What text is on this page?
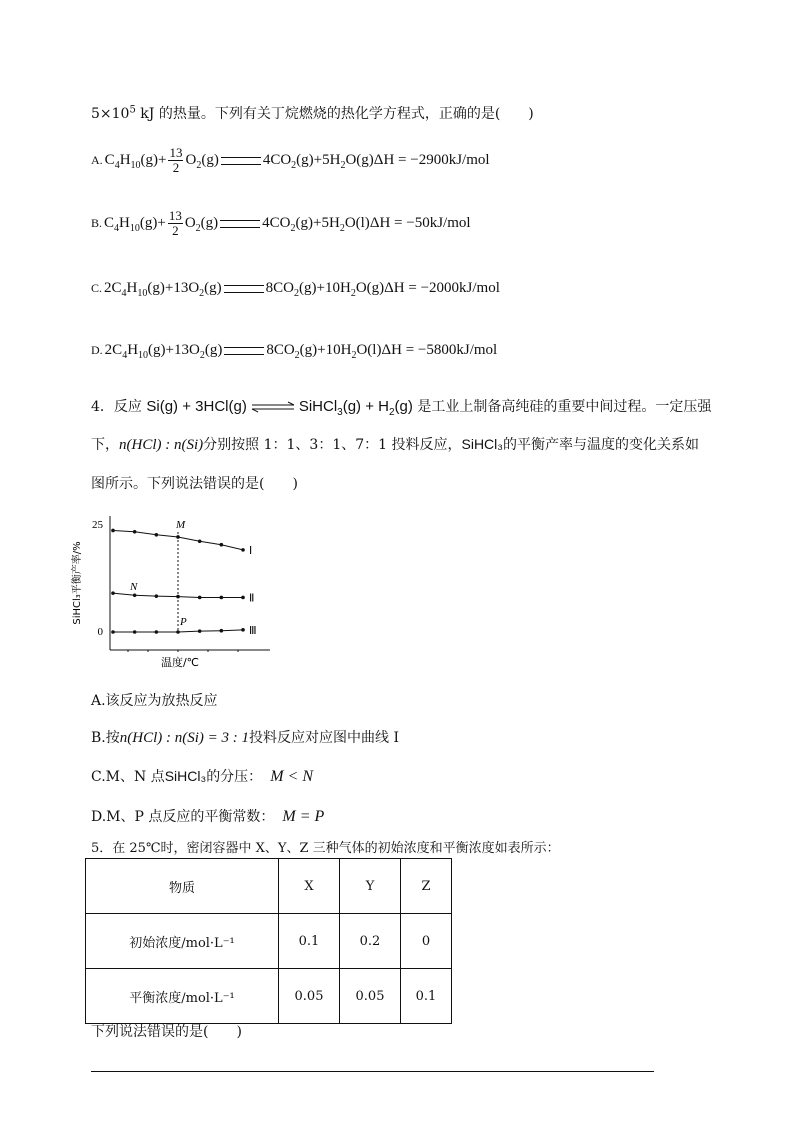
$5\times 10^5$ kJ 的热量。下列有关丁烷燃烧的热化学方程式，正确的是(　　)
A. $C_4H_{10}(g)+ \frac{13}{2} O_2(g)$	$4CO_2(g)+5H_2O(g)\Delta H = -2900kJ/mol$
B. $C_4H_{10}(g)+ \frac{13}{2} O_2(g)$	$4CO_2(g)+5H_2O(l)\Delta H = -50kJ/mol$
C. $2C_4H_{10}(g)+13O_2(g)$	$8CO_2(g)+10H_2O(g)\Delta H = -2000kJ/mol$
D. $2C_4H_{10}(g)+13O_2(g)$	$8CO_2(g)+10H_2O(l)\Delta H = -5800kJ/mol$
4．反应 Si(g) + 3HCl(g)	SiHCl$_3$(g) + $H_2(g)$ 是工业上制备高纯硅的重要中间过程。一定压强
下，n(HCl) : n(Si)分别按照 1：1、3：1、7：1 投料反应，SiHCl₃的平衡产率与温度的变化关系如
图所示。下列说法错误的是(　　)
25
0
SiHCl₃平衡产率/%
温度/℃
Ⅰ
Ⅱ
Ⅲ
M
N
P
A.该反应为放热反应
B.按n(HCl) : n(Si) = 3 : 1投料反应对应图中曲线 I
C.M、N 点SiHCl₃的分压： M < N
D.M、P 点反应的平衡常数： M = P
5．在 25℃时，密闭容器中 X、Y、Z 三种气体的初始浓度和平衡浓度如表所示：
物质	X	Y	Z
初始浓度/mol·L⁻¹	0.1	0.2	0
平衡浓度/mol·L⁻¹	0.05	0.05	0.1
下列说法错误的是(　　)
